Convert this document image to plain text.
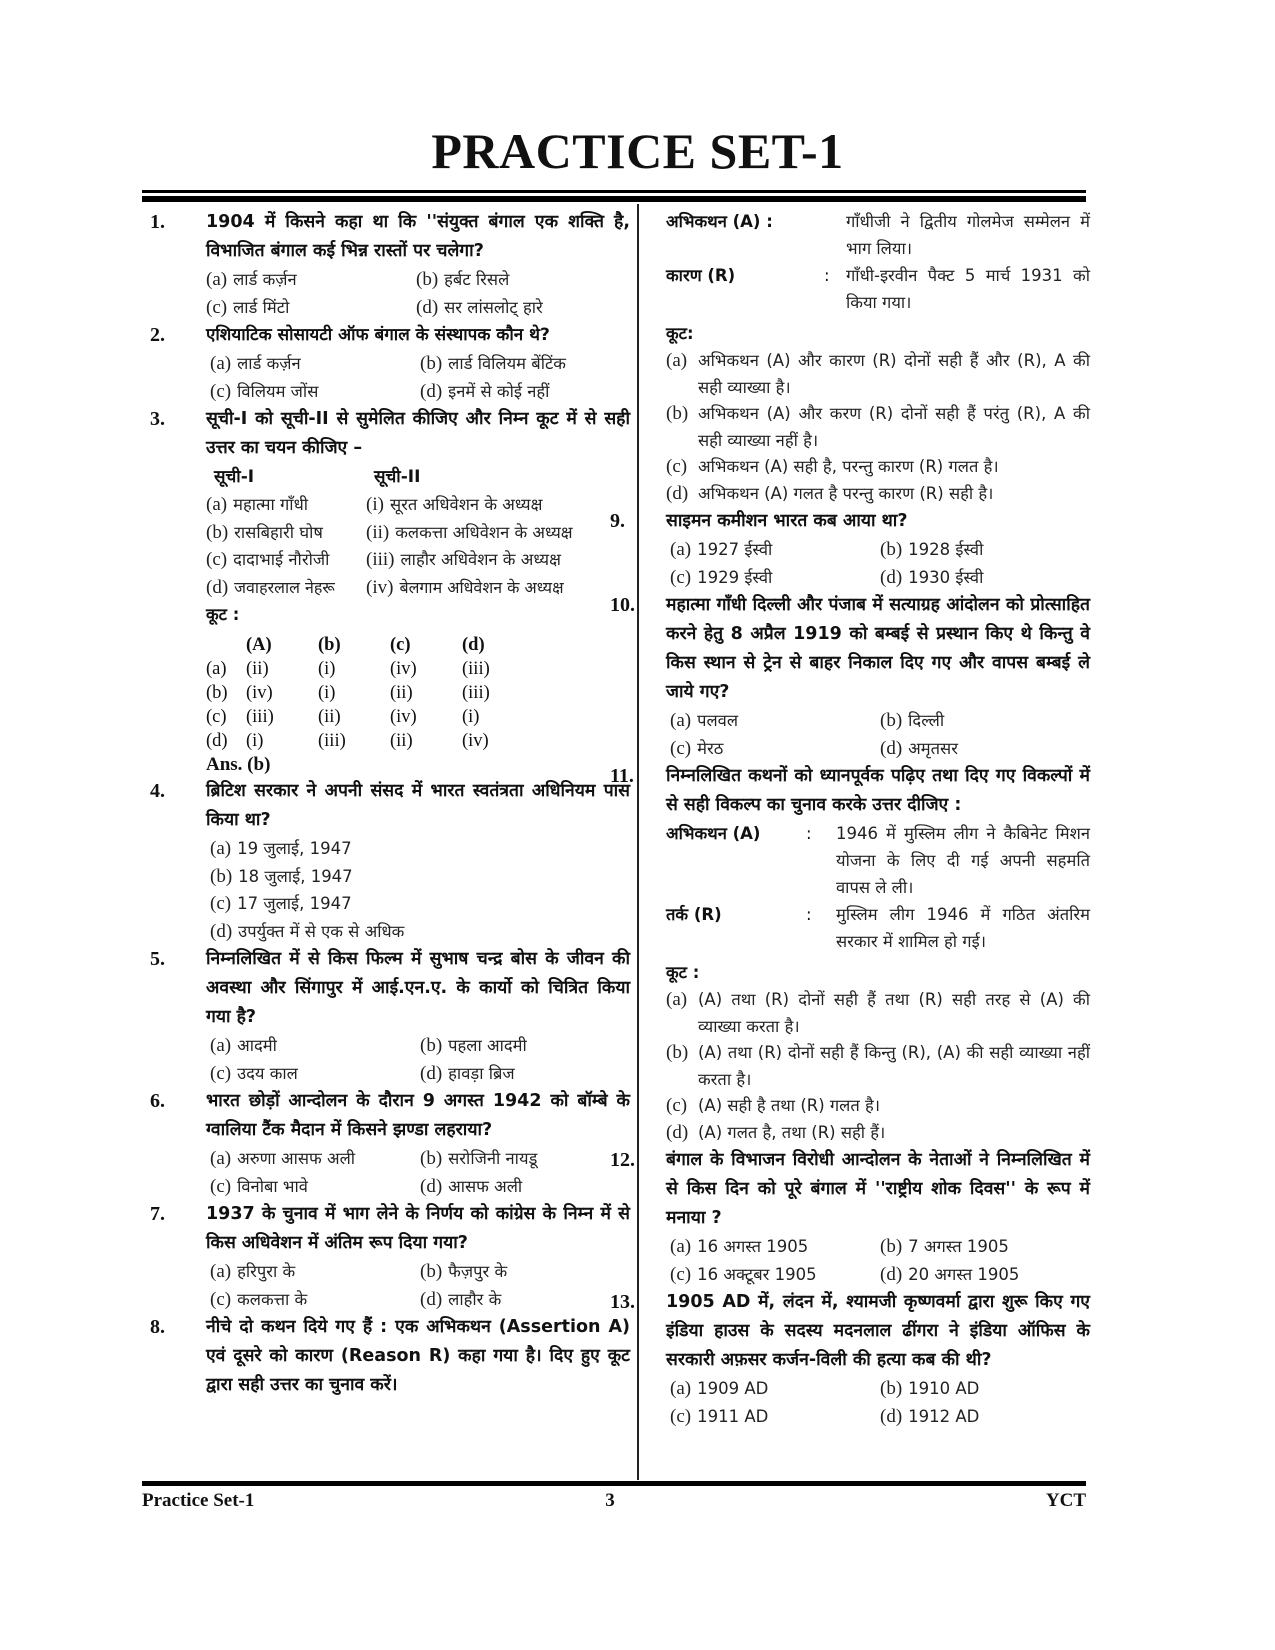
PRACTICE SET-1
1. 1904 में किसने कहा था कि ''संयुक्त बंगाल एक शक्ति है, विभाजित बंगाल कई भिन्न रास्तों पर चलेगा?
(a) लार्ड कर्ज़न	(b) हर्बट रिसले
(c) लार्ड मिंटो	(d) सर लांसलोट् हारे
2. एशियाटिक सोसायटी ऑफ बंगाल के संस्थापक कौन थे?
(a) लार्ड कर्ज़न	(b) लार्ड विलियम बेंटिंक
(c) विलियम जोंस	(d) इनमें से कोई नहीं
3. सूची-I को सूची-II से सुमेलित कीजिए और निम्न कूट में से सही उत्तर का चयन कीजिए –
सूची-I	सूची-II
(a) महात्मा गाँधी	(i) सूरत अधिवेशन के अध्यक्ष
(b) रासबिहारी घोष	(ii) कलकत्ता अधिवेशन के अध्यक्ष
(c) दादाभाई नौरोजी	(iii) लाहौर अधिवेशन के अध्यक्ष
(d) जवाहरलाल नेहरू	(iv) बेलगाम अधिवेशन के अध्यक्ष
कूट :
(A)	(b)	(c)	(d)
(a)	(ii)	(i)	(iv)	(iii)
(b) (iv)	(i)	(ii)	(iii)
(c)	(iii)	(ii)	(iv)	(i)
(d) (i)	(iii)	(ii)	(iv)
Ans. (b)
4. ब्रिटिश सरकार ने अपनी संसद में भारत स्वतंत्रता अधिनियम पास किया था?
(a) 19 जुलाई, 1947
(b) 18 जुलाई, 1947
(c) 17 जुलाई, 1947
(d) उपर्युक्त में से एक से अधिक
5. निम्नलिखित में से किस फिल्म में सुभाष चन्द्र बोस के जीवन की अवस्था और सिंगापुर में आई.एन.ए. के कार्यो को चित्रित किया गया है?
(a) आदमी	(b) पहला आदमी
(c) उदय काल	(d) हावड़ा ब्रिज
6. भारत छोड़ों आन्दोलन के दौरान 9 अगस्त 1942 को बॉम्बे के ग्वालिया टैंक मैदान में किसने झण्डा लहराया?
(a) अरुणा आसफ अली	(b) सरोजिनी नायडू
(c) विनोबा भावे	(d) आसफ अली
7. 1937 के चुनाव में भाग लेने के निर्णय को कांग्रेस के निम्न में से किस अधिवेशन में अंतिम रूप दिया गया?
(a) हरिपुरा के	(b) फैज़पुर के
(c) कलकत्ता के	(d) लाहौर के
8. नीचे दो कथन दिये गए हैं : एक अभिकथन (Assertion A) एवं दूसरे को कारण (Reason R) कहा गया है। दिए हुए कूट द्वारा सही उत्तर का चुनाव करें।
अभिकथन (A) :	गाँधीजी ने द्वितीय गोलमेज सम्मेलन में भाग लिया।
कारण (R)	: गाँधी-इरवीन पैक्ट 5 मार्च 1931 को किया गया।
कूट:
(a) अभिकथन (A) और कारण (R) दोनों सही हैं और (R), A की सही व्याख्या है।
(b) अभिकथन (A) और करण (R) दोनों सही हैं परंतु (R), A की सही व्याख्या नहीं है।
(c) अभिकथन (A) सही है, परन्तु कारण (R) गलत है।
(d) अभिकथन (A) गलत है परन्तु कारण (R) सही है।
9. साइमन कमीशन भारत कब आया था?
(a) 1927 ईस्वी	(b) 1928 ईस्वी
(c) 1929 ईस्वी	(d) 1930 ईस्वी
10. महात्मा गाँधी दिल्ली और पंजाब में सत्याग्रह आंदोलन को प्रोत्साहित करने हेतु 8 अप्रैल 1919 को बम्बई से प्रस्थान किए थे किन्तु वे किस स्थान से ट्रेन से बाहर निकाल दिए गए और वापस बम्बई ले जाये गए?
(a) पलवल	(b) दिल्ली
(c) मेरठ	(d) अमृतसर
11. निम्नलिखित कथनों को ध्यानपूर्वक पढ़िए तथा दिए गए विकल्पों में से सही विकल्प का चुनाव करके उत्तर दीजिए :
अभिकथन (A)	:	1946 में मुस्लिम लीग ने कैबिनेट मिशन योजना के लिए दी गई अपनी सहमति वापस ले ली।
तर्क (R)	:	मुस्लिम लीग 1946 में गठित अंतरिम सरकार में शामिल हो गई।
कूट :
(a) (A) तथा (R) दोनों सही हैं तथा (R) सही तरह से (A) की व्याख्या करता है।
(b) (A) तथा (R) दोनों सही हैं किन्तु (R), (A) की सही व्याख्या नहीं करता है।
(c) (A) सही है तथा (R) गलत है।
(d) (A) गलत है, तथा (R) सही हैं।
12. बंगाल के विभाजन विरोधी आन्दोलन के नेताओं ने निम्नलिखित में से किस दिन को पूरे बंगाल में ''राष्ट्रीय शोक दिवस'' के रूप में मनाया ?
(a) 16 अगस्त 1905	(b) 7 अगस्त 1905
(c) 16 अक्टूबर 1905	(d) 20 अगस्त 1905
13. 1905 AD में, लंदन में, श्यामजी कृष्णवर्मा द्वारा शुरू किए गए इंडिया हाउस के सदस्य मदनलाल ढींगरा ने इंडिया ऑफिस के सरकारी अफ़सर कर्जन-विली की हत्या कब की थी?
(a) 1909 AD	(b) 1910 AD
(c) 1911 AD	(d) 1912 AD
Practice Set-1	3	YCT
